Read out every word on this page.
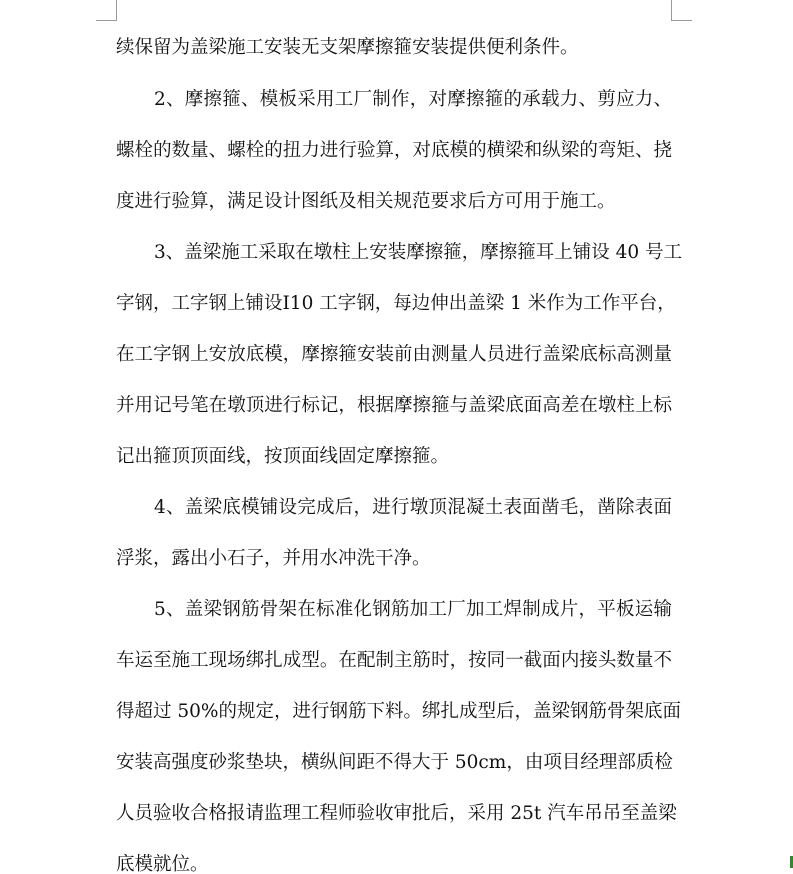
续保留为盖梁施工安装无支架摩擦箍安装提供便利条件。
2、摩擦箍、模板采用工厂制作，对摩擦箍的承载力、剪应力、
螺栓的数量、螺栓的扭力进行验算，对底模的横梁和纵梁的弯矩、挠
度进行验算，满足设计图纸及相关规范要求后方可用于施工。
3、盖梁施工采取在墩柱上安装摩擦箍，摩擦箍耳上铺设 40 号工
字钢，工字钢上铺设I10 工字钢，每边伸出盖梁 1 米作为工作平台，
在工字钢上安放底模，摩擦箍安装前由测量人员进行盖梁底标高测量
并用记号笔在墩顶进行标记，根据摩擦箍与盖梁底面高差在墩柱上标
记出箍顶顶面线，按顶面线固定摩擦箍。
4、盖梁底模铺设完成后，进行墩顶混凝土表面凿毛，凿除表面
浮浆，露出小石子，并用水冲洗干净。
5、盖梁钢筋骨架在标准化钢筋加工厂加工焊制成片，平板运输
车运至施工现场绑扎成型。在配制主筋时，按同一截面内接头数量不
得超过 50%的规定，进行钢筋下料。绑扎成型后，盖梁钢筋骨架底面
安装高强度砂浆垫块，横纵间距不得大于 50cm，由项目经理部质检
人员验收合格报请监理工程师验收审批后，采用 25t 汽车吊吊至盖梁
底模就位。
